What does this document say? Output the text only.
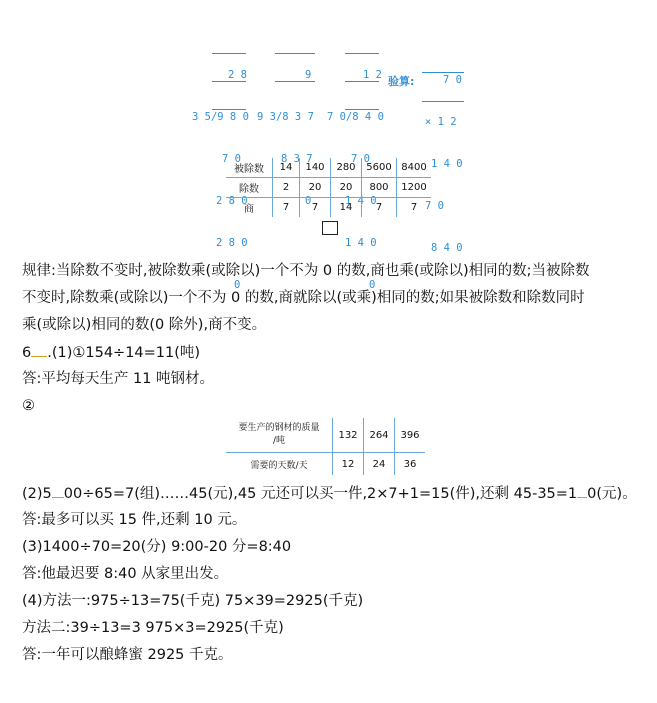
2 8

3 5/9 8 0

7 0

2 8 0

2 8 0

0

9

9 3/8 3 7

8 3 7

0

1 2

7 0/8 4 0

7 0

1 4 0

1 4 0

0

验算:

	7 0

× 1 2

1 4 0

7 0

8 4 0

被除数	14	140	280	5600	8400
除数	2	20	20	800	1200
商	7	7	14	7	7
规律:当除数不变时,被除数乘(或除以)一个不为 0 的数,商也乘(或除以)相同的数;当被除数
不变时,除数乘(或除以)一个不为 0 的数,商就除以(或乘)相同的数;如果被除数和除数同时
乘(或除以)相同的数(0 除外),商不变。
6 .(1)①154÷14=11(吨)
答:平均每天生产 11 吨钢材。
②
要生产的钢材的质量
/吨	132	264	396
需要的天数/天	12	24	36
(2)5 00÷65=7(组)……45(元),45 元还可以买一件,2×7+1=15(件),还剩 45-35=1 0(元)。
答:最多可以买 15 件,还剩 10 元。
(3)1400÷70=20(分) 9:00-20 分=8:40
答:他最迟要 8:40 从家里出发。
(4)方法一:975÷13=75(千克) 75×39=2925(千克)
方法二:39÷13=3 975×3=2925(千克)
答:一年可以酿蜂蜜 2925 千克。
